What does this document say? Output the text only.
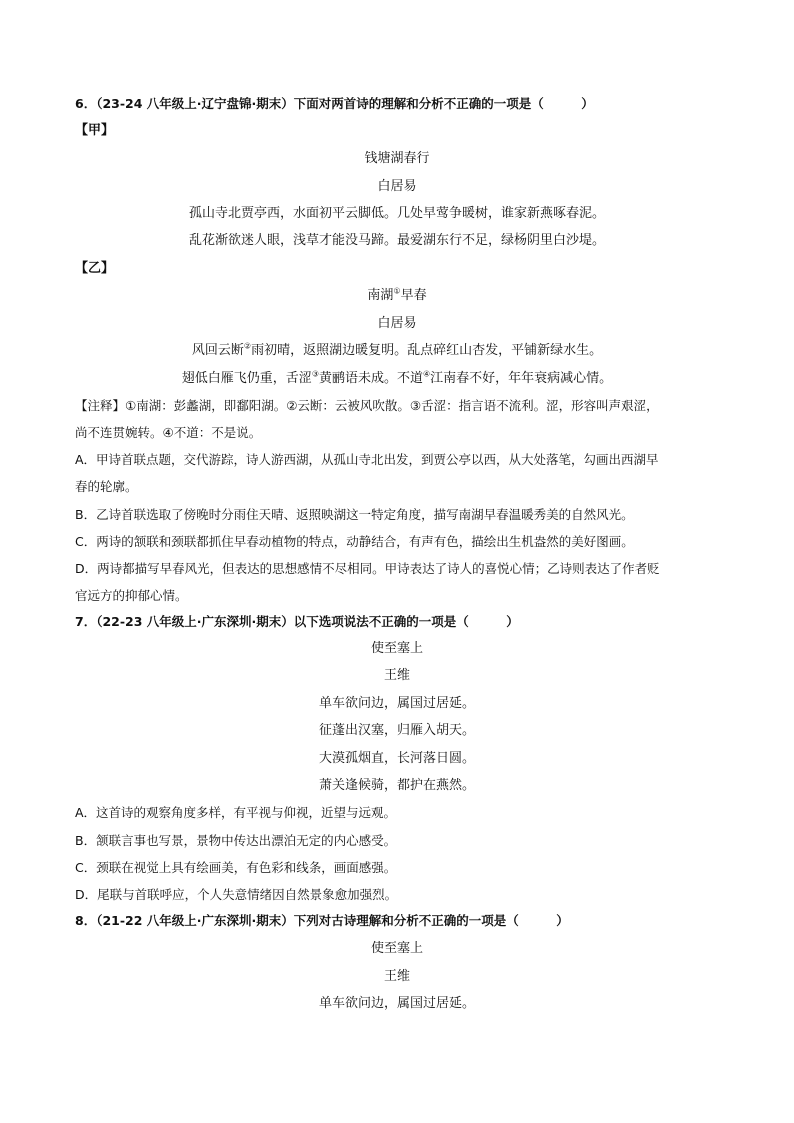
6．（23-24 八年级上·辽宁盘锦·期末）下面对两首诗的理解和分析不正确的一项是（　　　）
【甲】
钱塘湖春行
白居易
孤山寺北贾亭西，水面初平云脚低。几处早莺争暖树，谁家新燕啄春泥。
乱花渐欲迷人眼，浅草才能没马蹄。最爱湖东行不足，绿杨阴里白沙堤。
【乙】
南湖①早春
白居易
风回云断②雨初晴，返照湖边暖复明。乱点碎红山杏发，平铺新绿水生。
翅低白雁飞仍重，舌涩③黄鹂语未成。不道④江南春不好，年年衰病减心情。
【注释】①南湖：彭蠡湖，即鄱阳湖。②云断：云被风吹散。③舌涩：指言语不流利。涩，形容叫声艰涩，
尚不连贯婉转。④不道：不是说。
A．甲诗首联点题，交代游踪，诗人游西湖，从孤山寺北出发，到贾公亭以西，从大处落笔，勾画出西湖早
春的轮廓。
B．乙诗首联选取了傍晚时分雨住天晴、返照映湖这一特定角度，描写南湖早春温暖秀美的自然风光。
C．两诗的颔联和颈联都抓住早春动植物的特点，动静结合，有声有色，描绘出生机盎然的美好图画。
D．两诗都描写早春风光，但表达的思想感情不尽相同。甲诗表达了诗人的喜悦心情；乙诗则表达了作者贬
官远方的抑郁心情。
7．（22-23 八年级上·广东深圳·期末）以下选项说法不正确的一项是（　　　）
使至塞上
王维
单车欲问边，属国过居延。
征蓬出汉塞，归雁入胡天。
大漠孤烟直，长河落日圆。
萧关逢候骑，都护在燕然。
A．这首诗的观察角度多样，有平视与仰视，近望与远观。
B．颔联言事也写景，景物中传达出漂泊无定的内心感受。
C．颈联在视觉上具有绘画美，有色彩和线条，画面感强。
D．尾联与首联呼应，个人失意情绪因自然景象愈加强烈。
8．（21-22 八年级上·广东深圳·期末）下列对古诗理解和分析不正确的一项是（　　　）
使至塞上
王维
单车欲问边，属国过居延。
